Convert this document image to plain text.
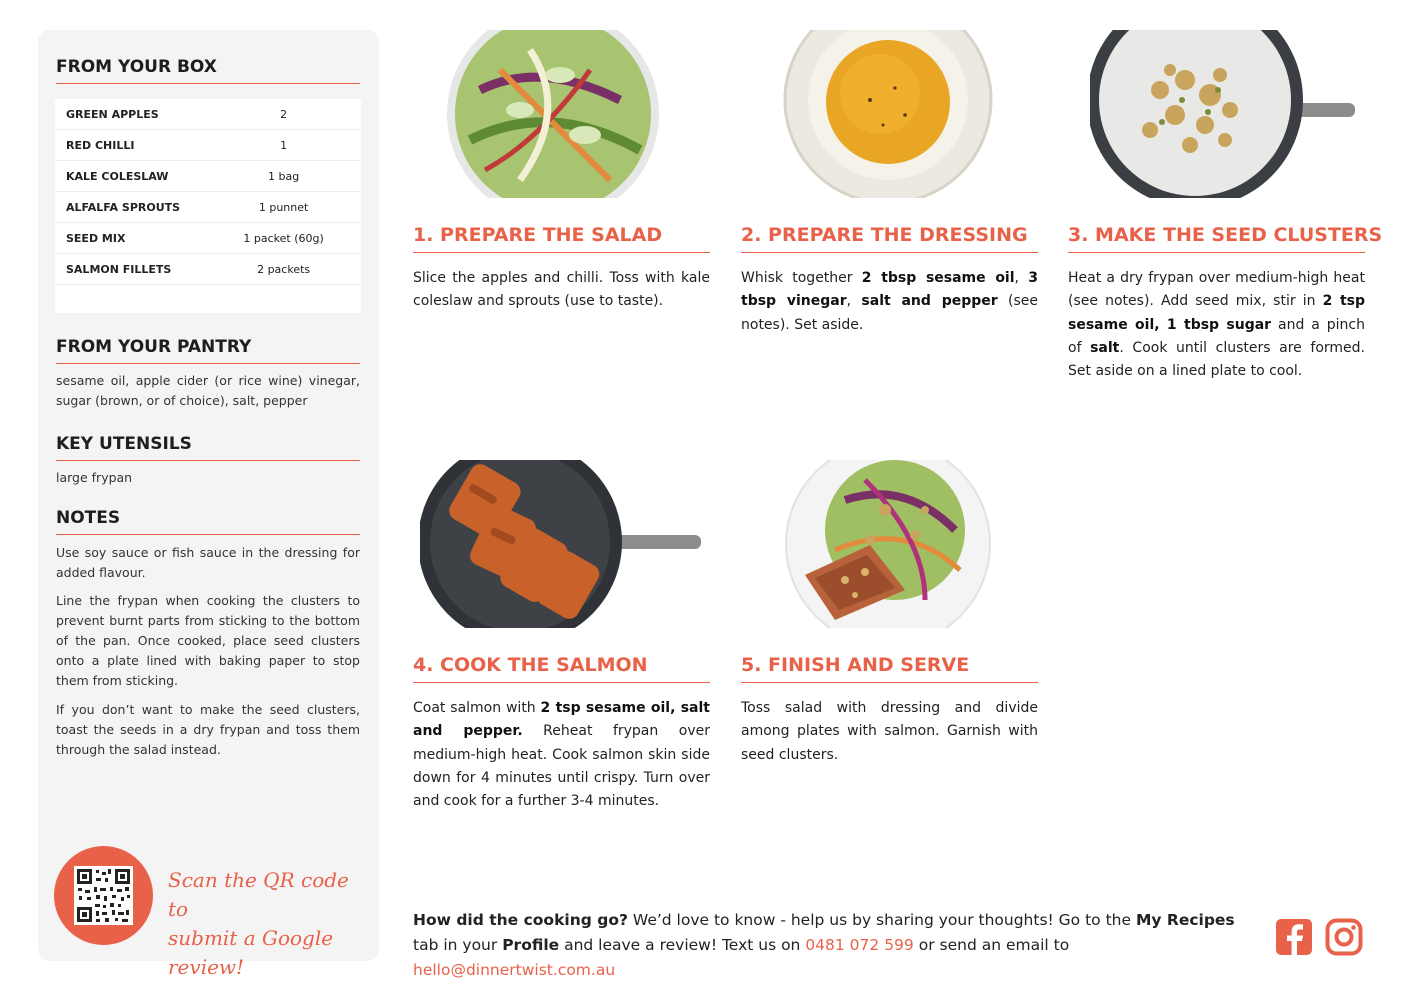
FROM YOUR BOX
GREEN APPLES	2
RED CHILLI	1
KALE COLESLAW	1 bag
ALFALFA SPROUTS	1 punnet
SEED MIX	1 packet (60g)
SALMON FILLETS	2 packets
FROM YOUR PANTRY
sesame oil, apple cider (or rice wine) vinegar, sugar (brown, or of choice), salt, pepper
KEY UTENSILS
large frypan
NOTES
Use soy sauce or fish sauce in the dressing for added flavour.
Line the frypan when cooking the clusters to prevent burnt parts from sticking to the bottom of the pan. Once cooked, place seed clusters onto a plate lined with baking paper to stop them from sticking.
If you don’t want to make the seed clusters, toast the seeds in a dry frypan and toss them through the salad instead.
Scan the QR code to
submit a Google review!
1. PREPARE THE SALAD
Slice the apples and chilli. Toss with kale coleslaw and sprouts (use to taste).
2. PREPARE THE DRESSING
Whisk together 2 tbsp sesame oil, 3 tbsp vinegar, salt and pepper (see notes). Set aside.
3. MAKE THE SEED CLUSTERS
Heat a dry frypan over medium-high heat (see notes). Add seed mix, stir in 2 tsp sesame oil, 1 tbsp sugar and a pinch of salt. Cook until clusters are formed. Set aside on a lined plate to cool.
4. COOK THE SALMON
Coat salmon with 2 tsp sesame oil, salt and pepper. Reheat frypan over medium-high heat. Cook salmon skin side down for 4 minutes until crispy. Turn over and cook for a further 3-4 minutes.
5. FINISH AND SERVE
Toss salad with dressing and divide among plates with salmon. Garnish with seed clusters.
How did the cooking go? We’d love to know - help us by sharing your thoughts! Go to the My Recipes tab in your Profile and leave a review! Text us on 0481 072 599 or send an email to hello@dinnertwist.com.au
